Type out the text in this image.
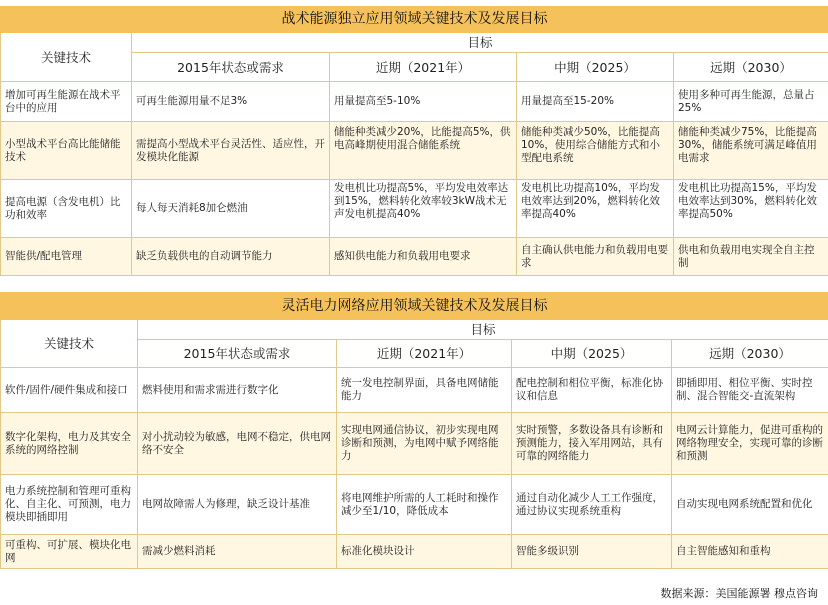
战术能源独立应用领域关键技术及发展目标				
关键技术	目标			
	2015年状态或需求	近期（2021年）	中期（2025）	远期（2030）
增加可再生能源在战术平台中的应用	可再生能源用量不足3%	用量提高至5-10%	用量提高至15-20%	使用多种可再生能源，总量占25%
小型战术平台高比能储能技术	需提高小型战术平台灵活性、适应性，开发模块化能源	储能种类减少20%，比能提高5%，供电高峰期使用混合储能系统	储能种类减少50%，比能提高10%，使用综合储能方式和小型配电系统	储能种类减少75%，比能提高30%，储能系统可满足峰值用电需求
提高电源（含发电机）比功和效率	每人每天消耗8加仑燃油	发电机比功提高5%，平均发电效率达到15%，燃料转化效率较3kW战术无声发电机提高40%	发电机比功提高10%，平均发电效率达到20%，燃料转化效率提高40%	发电机比功提高15%，平均发电效率达到30%，燃料转化效率提高50%
智能供/配电管理	缺乏负载供电的自动调节能力	感知供电能力和负载用电要求	自主确认供电能力和负载用电要求	供电和负载用电实现全自主控制
灵活电力网络应用领域关键技术及发展目标				
关键技术	目标			
	2015年状态或需求	近期（2021年）	中期（2025）	远期（2030）
软件/固件/硬件集成和接口	燃料使用和需求需进行数字化	统一发电控制界面，具备电网储能能力	配电控制和相位平衡，标准化协议和信息	即插即用、相位平衡、实时控制、混合智能交-直流架构
数字化架构，电力及其安全系统的网络控制	对小扰动较为敏感，电网不稳定，供电网络不安全	实现电网通信协议，初步实现电网诊断和预测，为电网中赋予网络能力	实时预警，多数设备具有诊断和预测能力，接入军用网站，具有可靠的网络能力	电网云计算能力，促进可重构的网络物理安全，实现可靠的诊断和预测
电力系统控制和管理可重构化、自主化、可预测，电力模块即插即用	电网故障需人为修理，缺乏设计基准	将电网维护所需的人工耗时和操作减少至1/10，降低成本	通过自动化减少人工工作强度，通过协议实现系统重构	自动实现电网系统配置和优化
可重构、可扩展、模块化电网	需减少燃料消耗	标准化模块设计	智能多级识别	自主智能感知和重构
数据来源：美国能源署 穆点咨询
